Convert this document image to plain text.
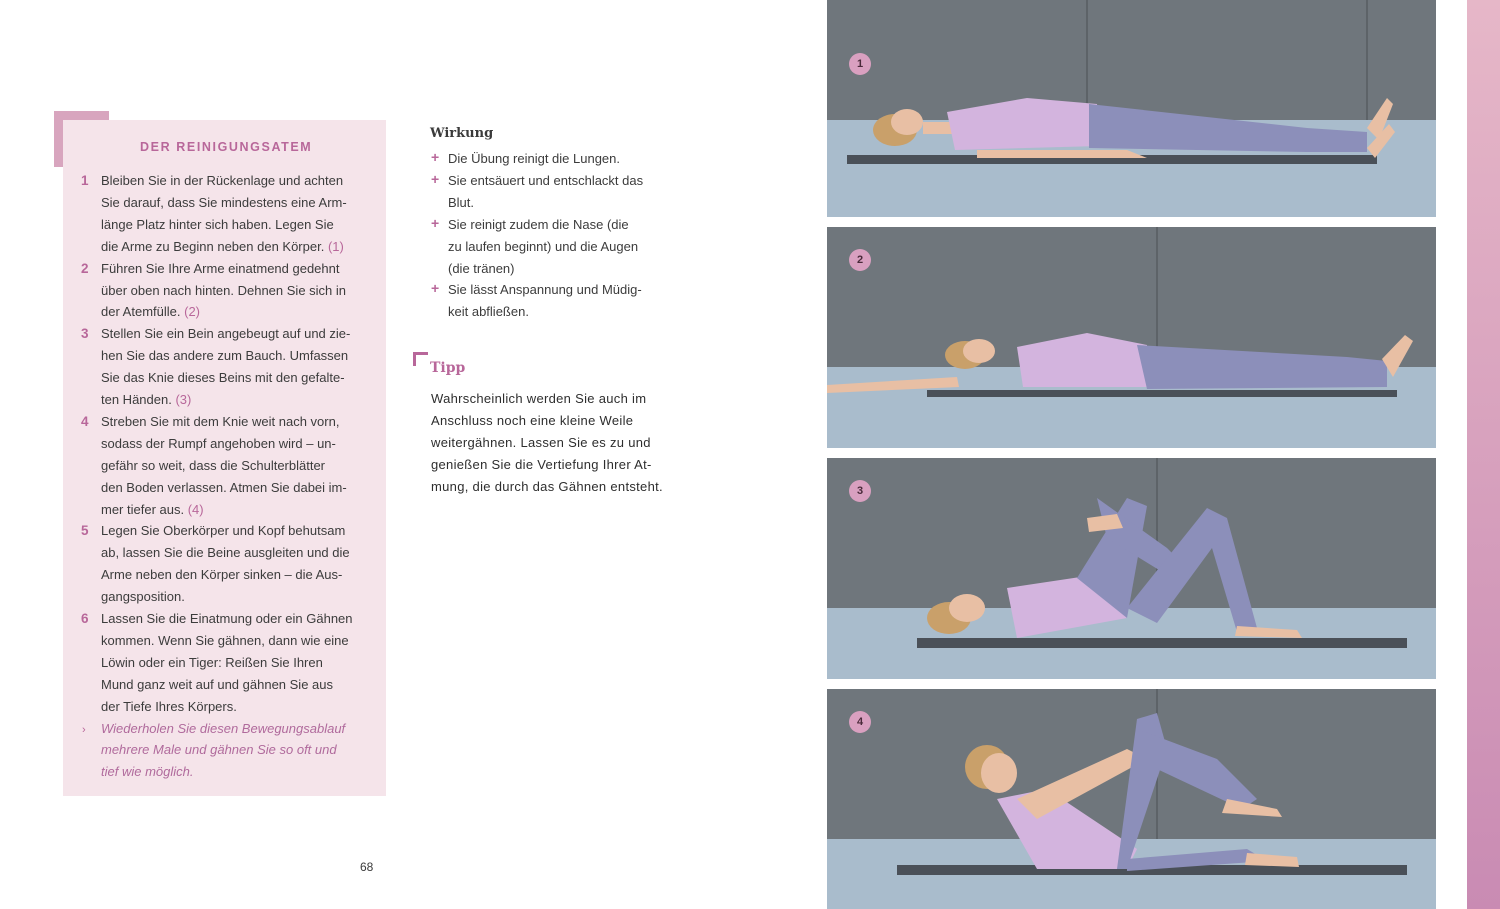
DER REINIGUNGSATEM
1 Bleiben Sie in der Rückenlage und achten
Sie darauf, dass Sie mindestens eine Arm-
länge Platz hinter sich haben. Legen Sie
die Arme zu Beginn neben den Körper. (1)
2 Führen Sie Ihre Arme einatmend gedehnt
über oben nach hinten. Dehnen Sie sich in
der Atemfülle. (2)
3 Stellen Sie ein Bein angebeugt auf und zie-
hen Sie das andere zum Bauch. Umfassen
Sie das Knie dieses Beins mit den gefalte-
ten Händen. (3)
4 Streben Sie mit dem Knie weit nach vorn,
sodass der Rumpf angehoben wird – un-
gefähr so weit, dass die Schulterblätter
den Boden verlassen. Atmen Sie dabei im-
mer tiefer aus. (4)
5 Legen Sie Oberkörper und Kopf behutsam
ab, lassen Sie die Beine ausgleiten und die
Arme neben den Körper sinken – die Aus-
gangsposition.
6 Lassen Sie die Einatmung oder ein Gähnen
kommen. Wenn Sie gähnen, dann wie eine
Löwin oder ein Tiger: Reißen Sie Ihren
Mund ganz weit auf und gähnen Sie aus
der Tiefe Ihres Körpers.
› Wiederholen Sie diesen Bewegungsablauf
mehrere Male und gähnen Sie so oft und
tief wie möglich.
68
Wirkung
+ Die Übung reinigt die Lungen.
+ Sie entsäuert und entschlackt das
Blut.
+ Sie reinigt zudem die Nase (die
zu laufen beginnt) und die Augen
(die tränen)
+ Sie lässt Anspannung und Müdig-
keit abfließen.
Tipp
Wahrscheinlich werden Sie auch im
Anschluss noch eine kleine Weile
weitergähnen. Lassen Sie es zu und
genießen Sie die Vertiefung Ihrer At-
mung, die durch das Gähnen entsteht.
1
2
3
4
